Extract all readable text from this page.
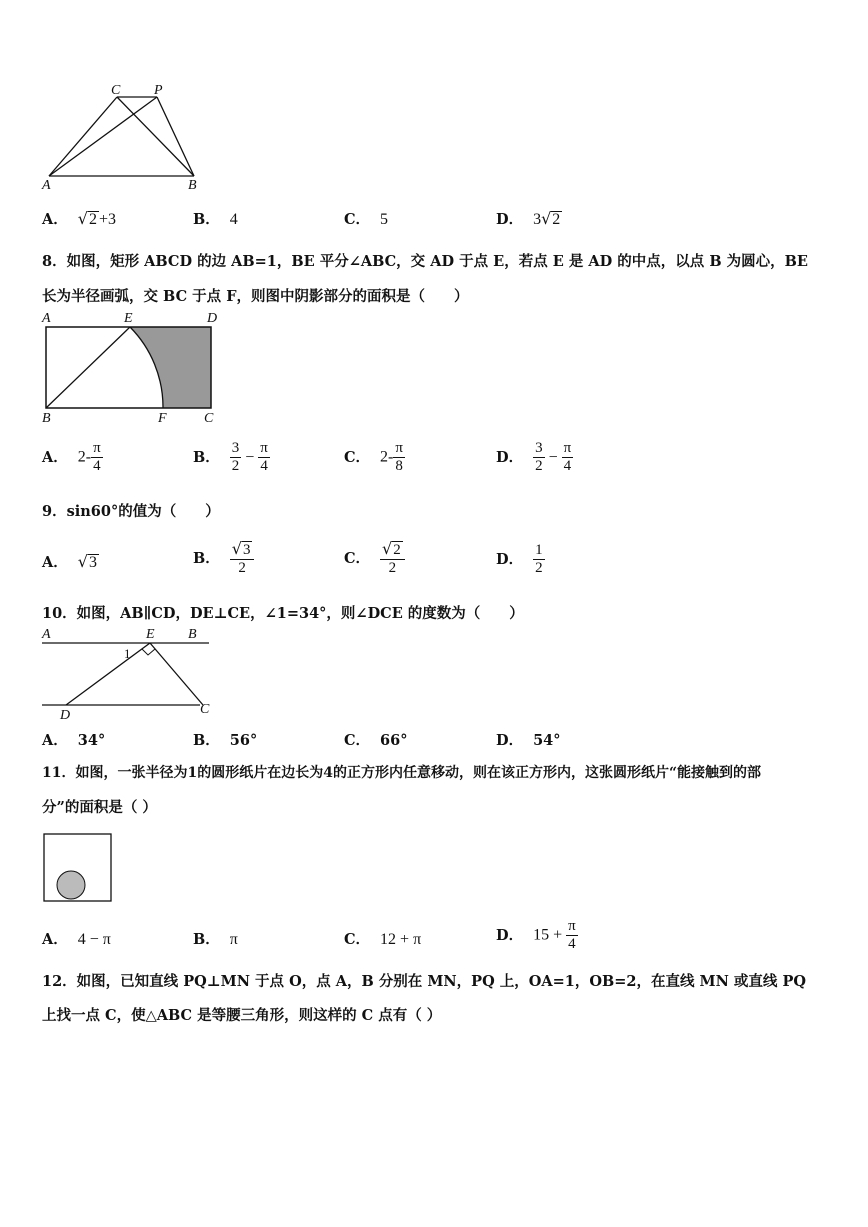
C P
A	B
A． √2 +3	B． 4	C． 5	D． 3√2
8．如图，矩形 ABCD 的边 AB=1，BE 平分∠ABC，交 AD 于点 E，若点 E 是 AD 的中点，以点 B 为圆心，BE
长为半径画弧，交 BC 于点 F，则图中阴影部分的面积是（　　）
A	E	D
B	F	C
A． $2- \frac{\pi}{4}$	B． $\frac{3}{2} - \frac{\pi}{4}$	C． $2- \frac{\pi}{8}$	D． $\frac{3}{2} - \frac{\pi}{4}$
9．sin60°的值为（　　）
A． √3	B． $\frac{√3}{2}$	C． $\frac{√2}{2}$	D． $\frac{1}{2}$
10．如图，AB∥CD，DE⊥CE，∠1=34°，则∠DCE 的度数为（　　）
A	E B
1
D	C
A． 34°	B． 56°	C． 66°	D． 54°
11．如图，一张半径为1的圆形纸片在边长为4的正方形内任意移动，则在该正方形内，这张圆形纸片“能接触到的部
分”的面积是（ ）
A． 4 − π	B． π	C． 12 + π	D． $15 + \frac{\pi}{4}$
12．如图，已知直线 PQ⊥MN 于点 O，点 A，B 分别在 MN，PQ 上，OA=1，OB=2，在直线 MN 或直线 PQ
上找一点 C，使△ABC 是等腰三角形，则这样的 C 点有（ ）
